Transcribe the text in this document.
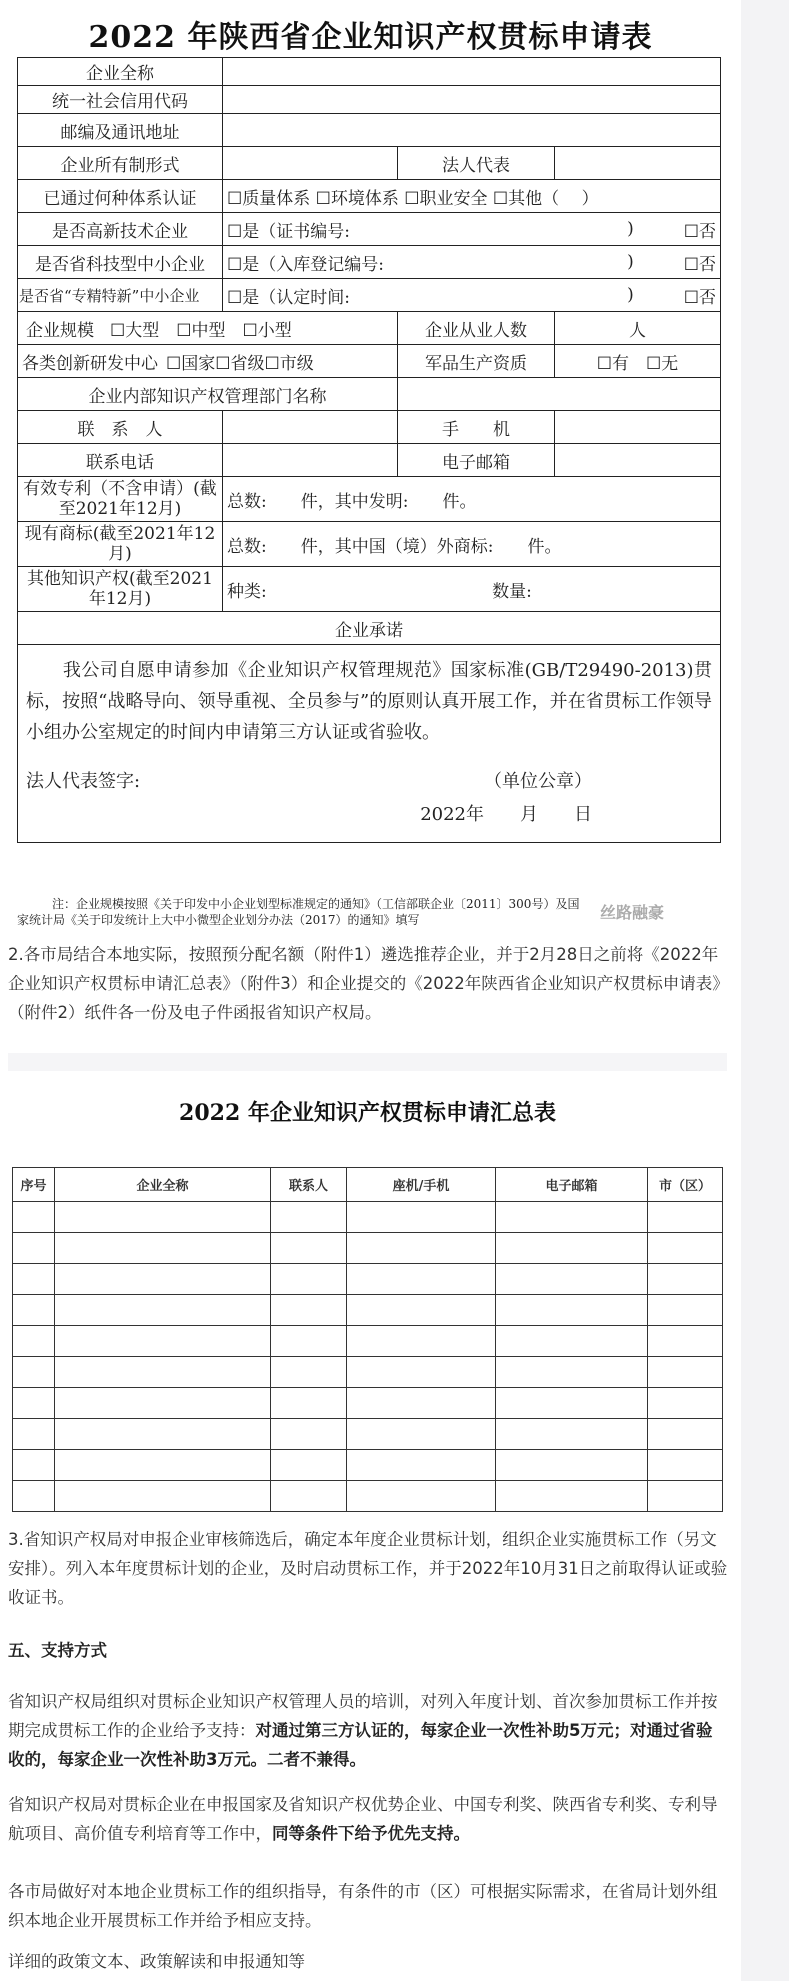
2022 年陕西省企业知识产权贯标申请表
企业全称			
统一社会信用代码			
邮编及通讯地址			
企业所有制形式		法人代表	
已通过何种体系认证	☐质量体系 ☐环境体系 ☐职业安全 ☐其他（　 ）		
是否高新技术企业	☐是（证书编号: ) ☐否		

是否省科技型中小企业	☐是（入库登记编号: ) ☐否		

是否省“专精特新”中小企业	☐是（认定时间: ) ☐否		

企业规模 ☐大型　☐中型　☐小型		企业从业人数	人
各类创新研发中心 ☐国家☐省级☐市级		军品生产资质	☐有　☐无
企业内部知识产权管理部门名称			
联　系　人		手　　机	
联系电话		电子邮箱	
有效专利（不含申请）(截至2021年12月)	总数:　　件，其中发明:　　件。		
现有商标(截至2021年12月)	总数:　　件，其中国（境）外商标:　　件。		
其他知识产权(截至2021年12月)	种类: 数量:		
企业承诺			

　　我公司自愿申请参加《企业知识产权管理规范》国家标准(GB/T29490-2013)贯标，按照“战略导向、领导重视、全员参与”的原则认真开展工作，并在省贯标工作领导小组办公室规定的时间内申请第三方认证或省验收。
法人代表签字: （单位公章）
2022年　　月　　日			
注：企业规模按照《关于印发中小企业划型标准规定的通知》（工信部联企业〔2011〕300号）及国
家统计局《关于印发统计上大中小微型企业划分办法（2017）的通知》填写	丝路融豪
2.各市局结合本地实际，按照预分配名额（附件1）遴选推荐企业，并于2月28日之前将《2022年企业知识产权贯标申请汇总表》（附件3）和企业提交的《2022年陕西省企业知识产权贯标申请表》（附件2）纸件各一份及电子件函报省知识产权局。
2022 年企业知识产权贯标申请汇总表
序号	企业全称	联系人	座机/手机	电子邮箱	市（区）

3.省知识产权局对申报企业审核筛选后，确定本年度企业贯标计划，组织企业实施贯标工作（另文安排）。列入本年度贯标计划的企业，及时启动贯标工作，并于2022年10月31日之前取得认证或验收证书。
五、支持方式
省知识产权局组织对贯标企业知识产权管理人员的培训，对列入年度计划、首次参加贯标工作并按期完成贯标工作的企业给予支持：对通过第三方认证的，每家企业一次性补助5万元；对通过省验收的，每家企业一次性补助3万元。二者不兼得。
省知识产权局对贯标企业在申报国家及省知识产权优势企业、中国专利奖、陕西省专利奖、专利导航项目、高价值专利培育等工作中，同等条件下给予优先支持。
各市局做好对本地企业贯标工作的组织指导，有条件的市（区）可根据实际需求，在省局计划外组织本地企业开展贯标工作并给予相应支持。
详细的政策文本、政策解读和申报通知等
